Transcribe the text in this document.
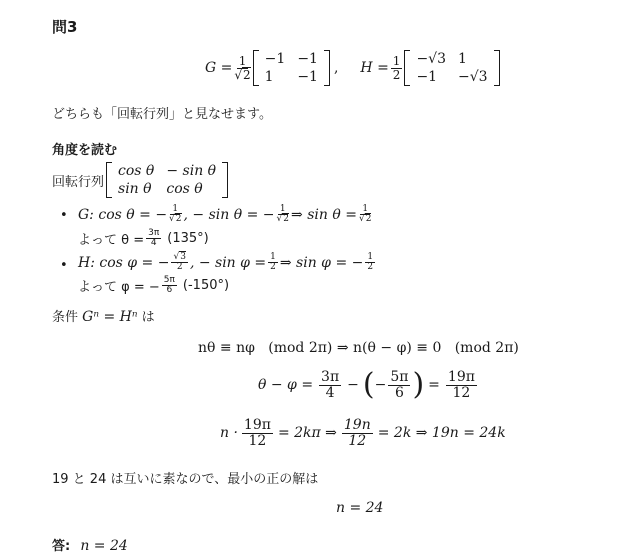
問3
$G = \frac{1}{√2} -1$	−1
1	−1
, $H = \frac{1}{2} -√3$	1
−1	−√3
どちらも「回転行列」と見なせます。
角度を読む
回転行列
cos θ	− sin θ
sin θ	cos θ
• G: cos θ = − $\frac{1}{√2}$ , − sin θ = − $\frac{1}{√2}$ ⇒ $\sin \theta = \frac{1}{√2}$
よって $\theta = \frac{3\pi}{4} (135^\circ)$
• H: cos φ = − $\frac{√3}{2}$ , − $\sin \varphi = \frac{1}{2}$ ⇒ sin φ = − $\frac{1}{2}$
よって φ = − $\frac{5\pi}{6} (-150^\circ)$
条件 Gⁿ = Hⁿ は
nθ ≡ nφ   (mod 2π) ⇒ n(θ − φ) ≡ 0   (mod 2π)
$\theta - \varphi = \frac{3\pi}{4}$ − ( − $\frac{5\pi}{6}$ ) = $\frac{19\pi}{12}$
$n \cdot \frac{19\pi}{12} = 2k\pi$ ⇒ $\frac{19n}{12} = 2k$ ⇒ 19n = 24k
19 と 24 は互いに素なので、最小の正の解は
n = 24
答: n = 24
